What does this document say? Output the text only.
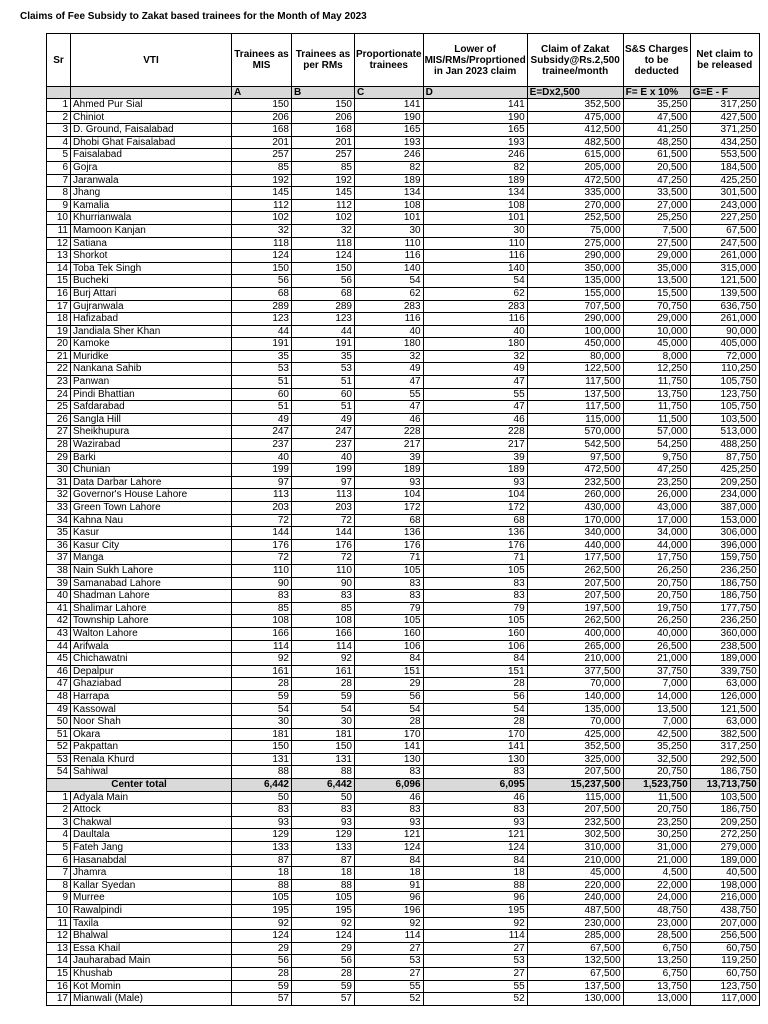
Claims of Fee Subsidy to Zakat based trainees for the Month of May 2023
Sr	VTI	Trainees as MIS	Trainees as per RMs	Proportionate trainees	Lower of MIS/RMs/Proprtioned in Jan 2023 claim	Claim of Zakat Subsidy@Rs.2,500 trainee/month	S&S Charges to be deducted	Net claim to be released
		A	B	C	D	E=Dx2,500	F= E x 10%	G=E - F
1	Ahmed Pur Sial	150	150	141	141	352,500	35,250	317,250
2	Chiniot	206	206	190	190	475,000	47,500	427,500
3	D. Ground, Faisalabad	168	168	165	165	412,500	41,250	371,250
4	Dhobi Ghat Faisalabad	201	201	193	193	482,500	48,250	434,250
5	Faisalabad	257	257	246	246	615,000	61,500	553,500
6	Gojra	85	85	82	82	205,000	20,500	184,500
7	Jaranwala	192	192	189	189	472,500	47,250	425,250
8	Jhang	145	145	134	134	335,000	33,500	301,500
9	Kamalia	112	112	108	108	270,000	27,000	243,000
10	Khurrianwala	102	102	101	101	252,500	25,250	227,250
11	Mamoon Kanjan	32	32	30	30	75,000	7,500	67,500
12	Satiana	118	118	110	110	275,000	27,500	247,500
13	Shorkot	124	124	116	116	290,000	29,000	261,000
14	Toba Tek Singh	150	150	140	140	350,000	35,000	315,000
15	Bucheki	56	56	54	54	135,000	13,500	121,500
16	Burj Attari	68	68	62	62	155,000	15,500	139,500
17	Gujranwala	289	289	283	283	707,500	70,750	636,750
18	Hafizabad	123	123	116	116	290,000	29,000	261,000
19	Jandiala Sher Khan	44	44	40	40	100,000	10,000	90,000
20	Kamoke	191	191	180	180	450,000	45,000	405,000
21	Muridke	35	35	32	32	80,000	8,000	72,000
22	Nankana Sahib	53	53	49	49	122,500	12,250	110,250
23	Panwan	51	51	47	47	117,500	11,750	105,750
24	Pindi Bhattian	60	60	55	55	137,500	13,750	123,750
25	Safdarabad	51	51	47	47	117,500	11,750	105,750
26	Sangla Hill	49	49	46	46	115,000	11,500	103,500
27	Sheikhupura	247	247	228	228	570,000	57,000	513,000
28	Wazirabad	237	237	217	217	542,500	54,250	488,250
29	Barki	40	40	39	39	97,500	9,750	87,750
30	Chunian	199	199	189	189	472,500	47,250	425,250
31	Data Darbar Lahore	97	97	93	93	232,500	23,250	209,250
32	Governor's House Lahore	113	113	104	104	260,000	26,000	234,000
33	Green Town Lahore	203	203	172	172	430,000	43,000	387,000
34	Kahna Nau	72	72	68	68	170,000	17,000	153,000
35	Kasur	144	144	136	136	340,000	34,000	306,000
36	Kasur City	176	176	176	176	440,000	44,000	396,000
37	Manga	72	72	71	71	177,500	17,750	159,750
38	Nain Sukh Lahore	110	110	105	105	262,500	26,250	236,250
39	Samanabad Lahore	90	90	83	83	207,500	20,750	186,750
40	Shadman Lahore	83	83	83	83	207,500	20,750	186,750
41	Shalimar Lahore	85	85	79	79	197,500	19,750	177,750
42	Township Lahore	108	108	105	105	262,500	26,250	236,250
43	Walton Lahore	166	166	160	160	400,000	40,000	360,000
44	Arifwala	114	114	106	106	265,000	26,500	238,500
45	Chichawatni	92	92	84	84	210,000	21,000	189,000
46	Depalpur	161	161	151	151	377,500	37,750	339,750
47	Ghaziabad	28	28	29	28	70,000	7,000	63,000
48	Harrapa	59	59	56	56	140,000	14,000	126,000
49	Kassowal	54	54	54	54	135,000	13,500	121,500
50	Noor Shah	30	30	28	28	70,000	7,000	63,000
51	Okara	181	181	170	170	425,000	42,500	382,500
52	Pakpattan	150	150	141	141	352,500	35,250	317,250
53	Renala Khurd	131	131	130	130	325,000	32,500	292,500
54	Sahiwal	88	88	83	83	207,500	20,750	186,750
Center total		6,442	6,442	6,096	6,095	15,237,500	1,523,750	13,713,750
1	Adyala Main	50	50	46	46	115,000	11,500	103,500
2	Attock	83	83	83	83	207,500	20,750	186,750
3	Chakwal	93	93	93	93	232,500	23,250	209,250
4	Daultala	129	129	121	121	302,500	30,250	272,250
5	Fateh Jang	133	133	124	124	310,000	31,000	279,000
6	Hasanabdal	87	87	84	84	210,000	21,000	189,000
7	Jhamra	18	18	18	18	45,000	4,500	40,500
8	Kallar Syedan	88	88	91	88	220,000	22,000	198,000
9	Murree	105	105	96	96	240,000	24,000	216,000
10	Rawalpindi	195	195	196	195	487,500	48,750	438,750
11	Taxila	92	92	92	92	230,000	23,000	207,000
12	Bhalwal	124	124	114	114	285,000	28,500	256,500
13	Essa Khail	29	29	27	27	67,500	6,750	60,750
14	Jauharabad Main	56	56	53	53	132,500	13,250	119,250
15	Khushab	28	28	27	27	67,500	6,750	60,750
16	Kot Momin	59	59	55	55	137,500	13,750	123,750
17	Mianwali (Male)	57	57	52	52	130,000	13,000	117,000
